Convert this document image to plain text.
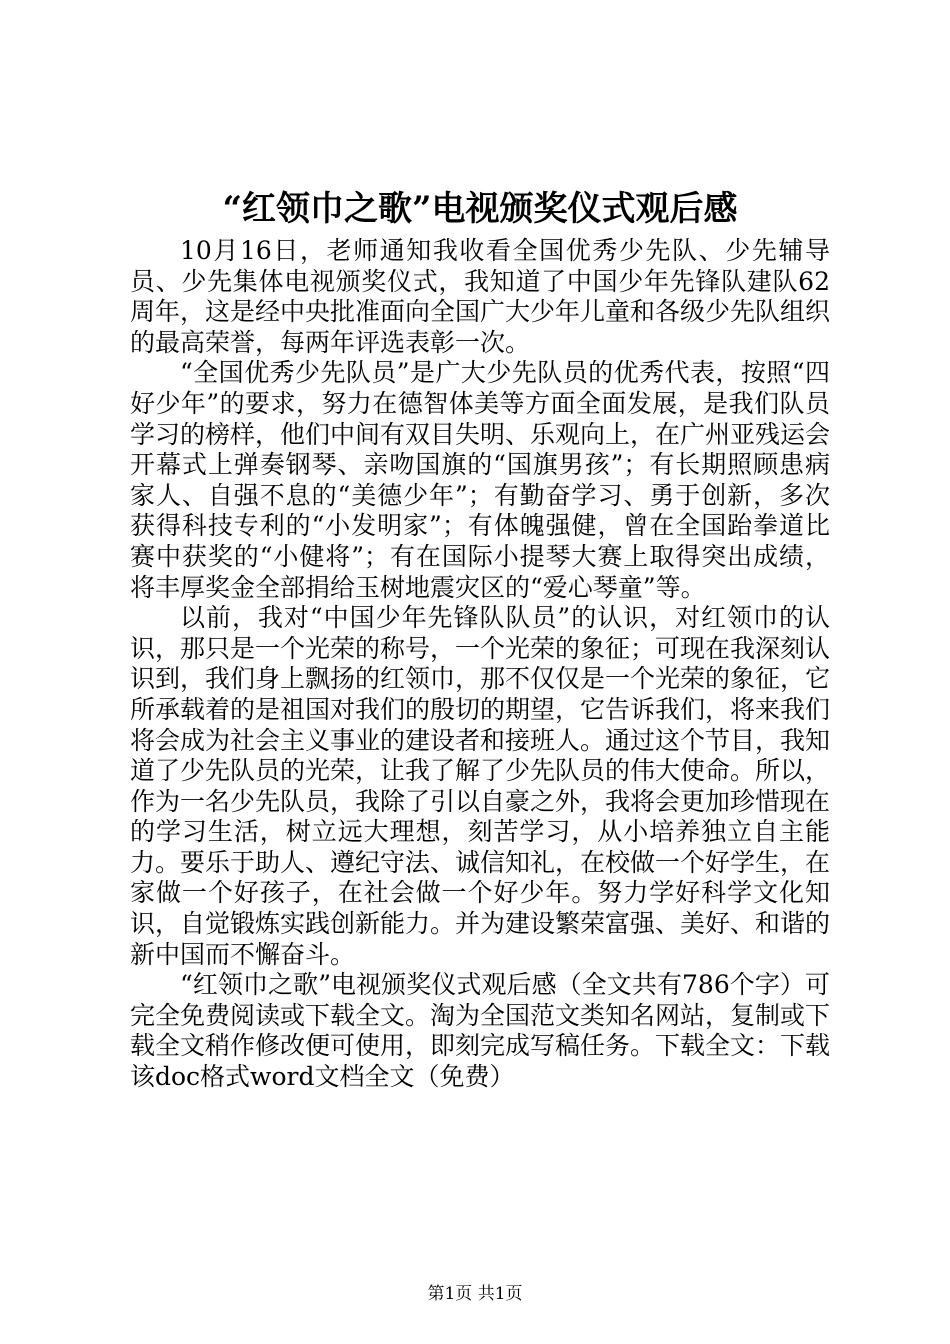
“红领巾之歌”电视颁奖仪式观后感

10月16日，老师通知我收看全国优秀少先队、少先辅导员、少先集体电视颁奖仪式，我知道了中国少年先锋队建队62周年，这是经中央批准面向全国广大少年儿童和各级少先队组织的最高荣誉，每两年评选表彰一次。

“全国优秀少先队员”是广大少先队员的优秀代表，按照“四好少年”的要求，努力在德智体美等方面全面发展，是我们队员学习的榜样，他们中间有双目失明、乐观向上，在广州亚残运会开幕式上弹奏钢琴、亲吻国旗的“国旗男孩”；有长期照顾患病家人、自强不息的“美德少年”；有勤奋学习、勇于创新，多次获得科技专利的“小发明家”；有体魄强健，曾在全国跆拳道比赛中获奖的“小健将”；有在国际小提琴大赛上取得突出成绩，将丰厚奖金全部捐给玉树地震灾区的“爱心琴童”等。

以前，我对“中国少年先锋队队员”的认识，对红领巾的认识，那只是一个光荣的称号，一个光荣的象征；可现在我深刻认识到，我们身上飘扬的红领巾，那不仅仅是一个光荣的象征，它所承载着的是祖国对我们的殷切的期望，它告诉我们，将来我们将会成为社会主义事业的建设者和接班人。通过这个节目，我知道了少先队员的光荣，让我了解了少先队员的伟大使命。所以，作为一名少先队员，我除了引以自豪之外，我将会更加珍惜现在的学习生活，树立远大理想，刻苦学习，从小培养独立自主能力。要乐于助人、遵纪守法、诚信知礼，在校做一个好学生，在家做一个好孩子，在社会做一个好少年。努力学好科学文化知识，自觉锻炼实践创新能力。并为建设繁荣富强、美好、和谐的新中国而不懈奋斗。

“红领巾之歌”电视颁奖仪式观后感（全文共有786个字）可完全免费阅读或下载全文。淘为全国范文类知名网站，复制或下载全文稍作修改便可使用，即刻完成写稿任务。下载全文：下载该doc格式word文档全文（免费）

第1页 共1页
